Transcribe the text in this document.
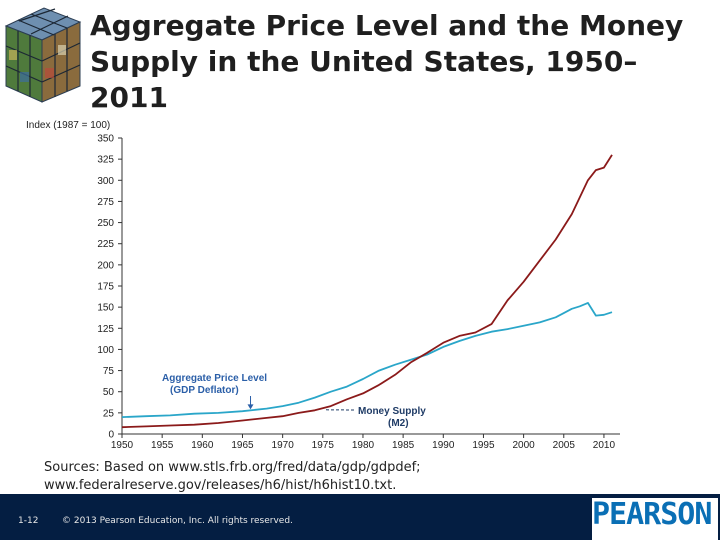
Aggregate Price Level and the Money Supply in the United States, 1950–2011
Index (1987 = 100)
0
25
50
75
100
125
150
175
200
225
250
275
300
325
350
1950 1955 1960 1965 1970 1975 1980 1985 1990 1995 2000 2005 2010
Aggregate Price Level
(GDP Deflator)
Money Supply
(M2)
Sources: Based on www.stls.frb.org/fred/data/gdp/gdpdef;
www.federalreserve.gov/releases/h6/hist/h6hist10.txt.
1-12	© 2013 Pearson Education, Inc. All rights reserved.	PEARSON
